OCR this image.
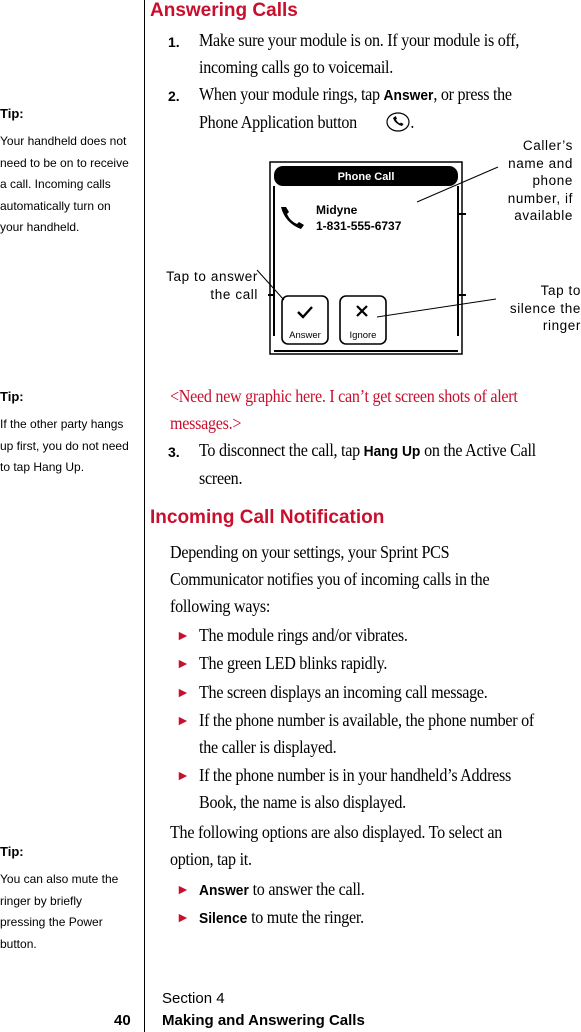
Answering Calls
1. Make sure your module is on. If your module is off,
incoming calls go to voicemail.
2. When your module rings, tap Answer, or press the
Phone Application button	.
Tip:
Your handheld does not
need to be on to receive
a call. Incoming calls
automatically turn on
your handheld.
Phone Call
Midyne
1-831-555-6737
Answer	Ignore
Caller’s
name and
phone
number, if
available
Tap to answer
the call	Tap to
silence the
ringer
Tip:
If the other party hangs
up first, you do not need
to tap Hang Up.
<Need new graphic here. I can’t get screen shots of alert
messages.>
3. To disconnect the call, tap Hang Up on the Active Call
screen.
Incoming Call Notification
Depending on your settings, your Sprint PCS
Communicator notifies you of incoming calls in the
following ways:
► The module rings and/or vibrates.
► The green LED blinks rapidly.
► The screen displays an incoming call message.
► If the phone number is available, the phone number of
the caller is displayed.
► If the phone number is in your handheld’s Address
Book, the name is also displayed.
The following options are also displayed. To select an
option, tap it.
► Answer to answer the call.
► Silence to mute the ringer.
Tip:
You can also mute the
ringer by briefly
pressing the Power
button.
Section 4
40 Making and Answering Calls
